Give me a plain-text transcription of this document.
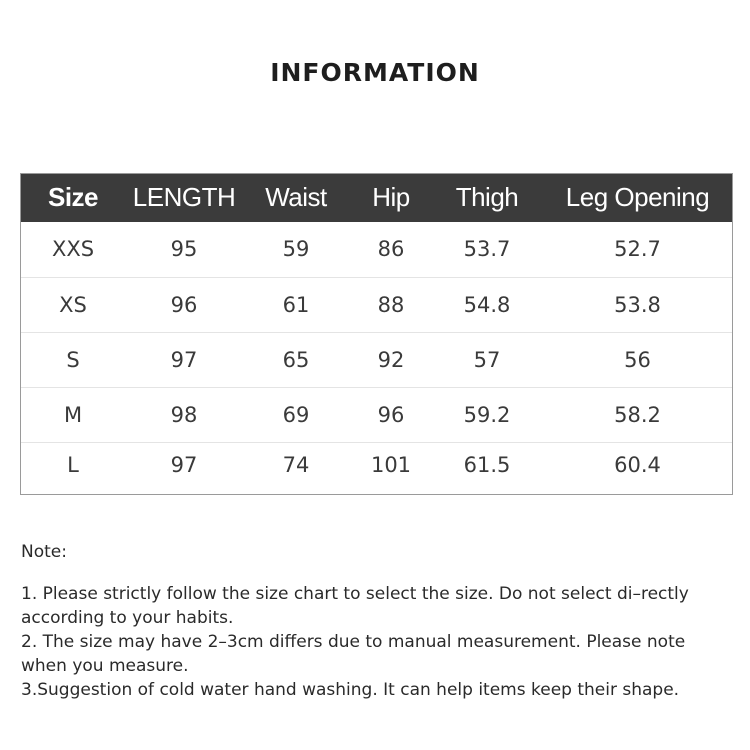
INFORMATION
Size	LENGTH	Waist	Hip	Thigh	Leg Opening
XXS	95	59	86	53.7	52.7
XS	96	61	88	54.8	53.8
S	97	65	92	57	56
M	98	69	96	59.2	58.2
L	97	74	101	61.5	60.4

Note:

1. Please strictly follow the size chart to select the size. Do not select di–rectly according to your habits.

2. The size may have 2–3cm differs due to manual measurement. Please note when you measure.

3.Suggestion of cold water hand washing. It can help items keep their shape.
